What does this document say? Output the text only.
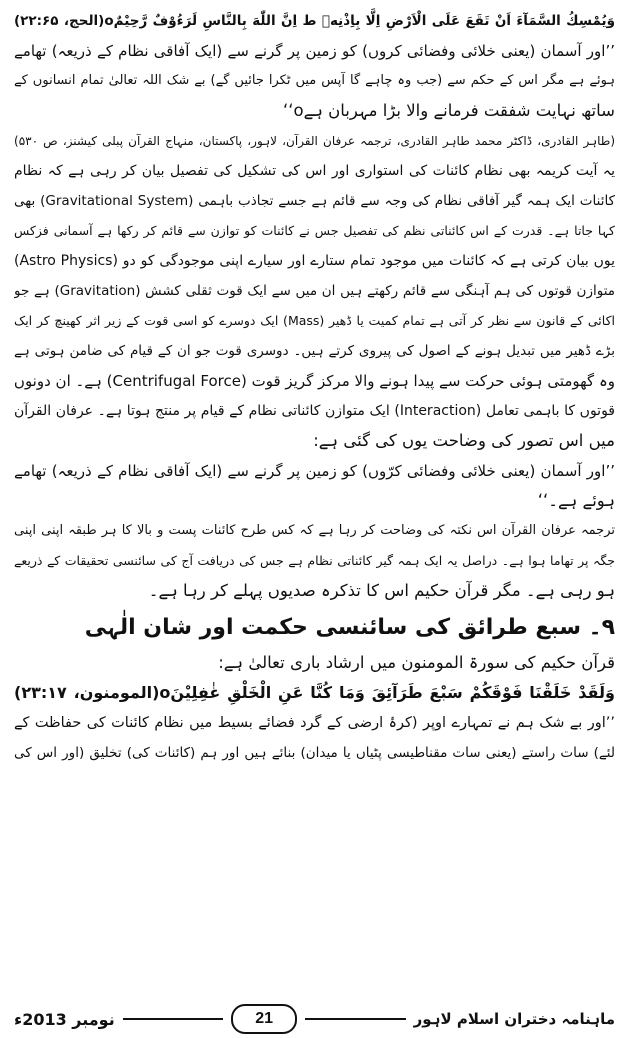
وَيُمْسِكُ السَّمَآءَ اَنْ تَقَعَ عَلَى الْاَرْضِ اِلَّا بِاِذْنِهٖ ط اِنَّ اللّٰهَ بِالنَّاسِ لَرَءُوْفٌ رَّحِيْمٌo(الحج، ۲۲:۶۵)
’’اور آسمان (یعنی خلائی وفضائی کروں) کو زمین پر گرنے سے (ایک آفاقی نظام کے ذریعہ) تھامے
ہوئے ہے مگر اس کے حکم سے (جب وہ چاہے گا آپس میں ٹکرا جائیں گے) بے شک اللہ تعالیٰ تمام انسانوں کے
ساتھ نہایت شفقت فرمانے والا بڑا مہربان ہےo‘‘
(طاہر القادری، ڈاکٹر محمد طاہر القادری، ترجمہ عرفان القرآن، لاہور، پاکستان، منہاج القرآن پبلی کیشنز، ص ۵۳۰)
یہ آیت کریمہ بھی نظام کائنات کی استواری اور اس کی تشکیل کی تفصیل بیان کر رہی ہے کہ نظام
کائنات ایک ہمہ گیر آفاقی نظام کی وجہ سے قائم ہے جسے تجاذب باہمی (Gravitational System) بھی
کہا جاتا ہے۔ قدرت کے اس کائناتی نظم کی تفصیل جس نے کائنات کو توازن سے قائم کر رکھا ہے آسمانی فزکس
(Astro Physics) یوں بیان کرتی ہے کہ کائنات میں موجود تمام ستارے اور سیارے اپنی موجودگی کو دو
متوازن قوتوں کی ہم آہنگی سے قائم رکھتے ہیں ان میں سے ایک قوت ثقلی کشش (Gravitation) ہے جو
اکائی کے قانون سے نظر کر آتی ہے تمام کمیت یا ڈھیر (Mass) ایک دوسرے کو اسی قوت کے زیر اثر کھینچ کر ایک
بڑے ڈھیر میں تبدیل ہونے کے اصول کی پیروی کرتے ہیں۔ دوسری قوت جو ان کے قیام کی ضامن ہوتی ہے
وہ گھومتی ہوئی حرکت سے پیدا ہونے والا مرکز گریز قوت (Centrifugal Force) ہے۔ ان دونوں
قوتوں کا باہمی تعامل (Interaction) ایک متوازن کائناتی نظام کے قیام پر منتج ہوتا ہے۔ عرفان القرآن
میں اس تصور کی وضاحت یوں کی گئی ہے:
’’اور آسمان (یعنی خلائی وفضائی کرّوں) کو زمین پر گرنے سے (ایک آفاقی نظام کے ذریعہ) تھامے
ہوئے ہے۔‘‘
ترجمہ عرفان القرآن اس نکتہ کی وضاحت کر رہا ہے کہ کس طرح کائنات پست و بالا کا ہر طبقہ اپنی اپنی
جگہ پر تھاما ہوا ہے۔ دراصل یہ ایک ہمہ گیر کائناتی نظام ہے جس کی دریافت آج کی سائنسی تحقیقات کے ذریعے
ہو رہی ہے۔ مگر قرآن حکیم اس کا تذکرہ صدیوں پہلے کر رہا ہے۔
۹۔ سبع طرائق کی سائنسی حکمت اور شان الٰہی
قرآن حکیم کی سورۃ المومنون میں ارشاد باری تعالیٰ ہے:
وَلَقَدْ خَلَقْنَا فَوْقَكُمْ سَبْعَ طَرَآئِقَ وَمَا كُنَّا عَنِ الْخَلْقِ غٰفِلِيْنَo(المومنون، ۲۳:۱۷)
’’اور بے شک ہم نے تمہارے اوپر (کرۂ ارضی کے گرد فضائے بسیط میں نظام کائنات کی حفاظت کے
لئے) سات راستے (یعنی سات مقناطیسی پٹیاں یا میدان) بنائے ہیں اور ہم (کائنات کی) تخلیق (اور اس کی
نومبر 2013ء	21	ماہنامہ دختران اسلام لاہور
